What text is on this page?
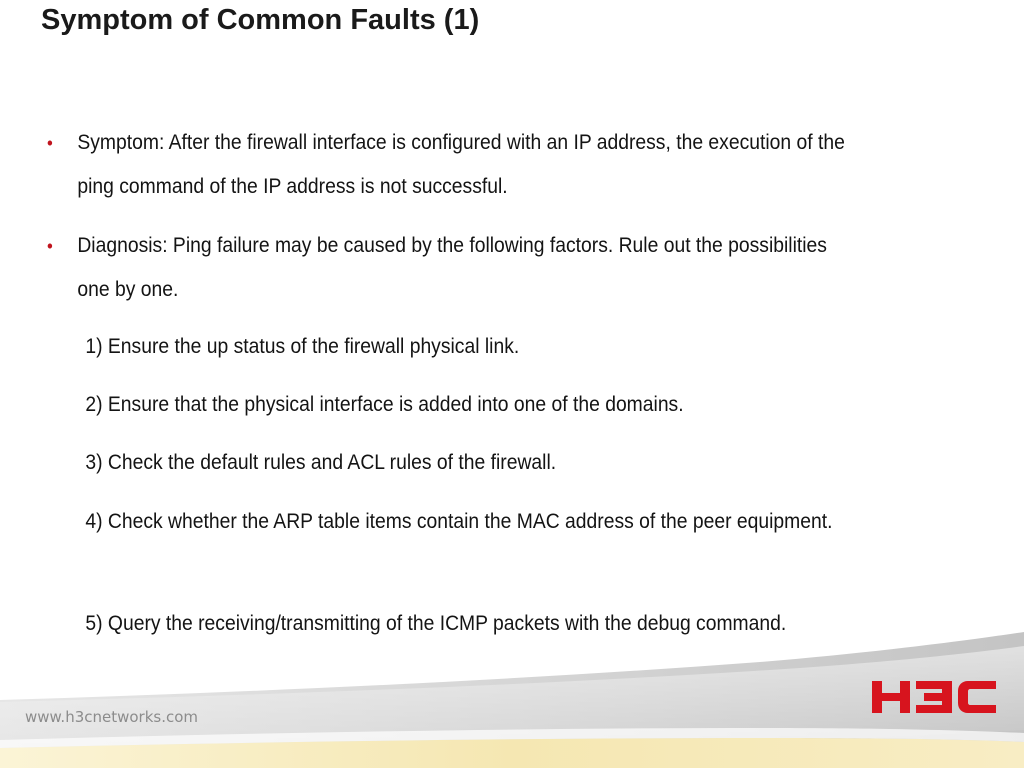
Symptom of Common Faults (1)
• Symptom: After the firewall interface is configured with an IP address, the execution of the ping command of the IP address is not successful.
• Diagnosis: Ping failure may be caused by the following factors. Rule out the possibilities one by one.
1) Ensure the up status of the firewall physical link.
2) Ensure that the physical interface is added into one of the domains.
3) Check the default rules and ACL rules of the firewall.
4) Check whether the ARP table items contain the MAC address of the peer equipment.
5) Query the receiving/transmitting of the ICMP packets with the debug command.
www.h3cnetworks.com
